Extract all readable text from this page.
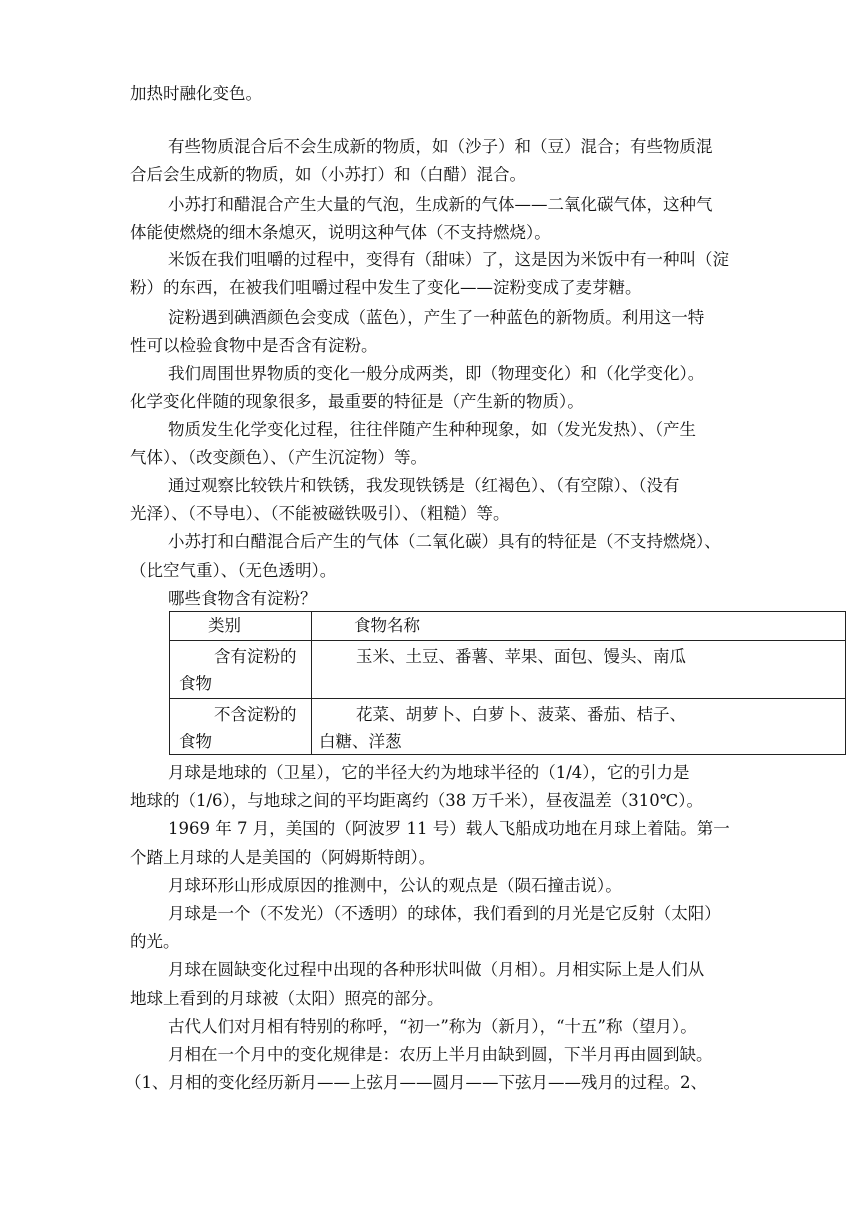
加热时融化变色。
有些物质混合后不会生成新的物质，如（沙子）和（豆）混合；有些物质混
合后会生成新的物质，如（小苏打）和（白醋）混合。
小苏打和醋混合产生大量的气泡，生成新的气体——二氧化碳气体，这种气
体能使燃烧的细木条熄灭，说明这种气体（不支持燃烧）。
米饭在我们咀嚼的过程中，变得有（甜味）了，这是因为米饭中有一种叫（淀
粉）的东西，在被我们咀嚼过程中发生了变化——淀粉变成了麦芽糖。
淀粉遇到碘酒颜色会变成（蓝色），产生了一种蓝色的新物质。利用这一特
性可以检验食物中是否含有淀粉。
我们周围世界物质的变化一般分成两类，即（物理变化）和（化学变化）。
化学变化伴随的现象很多，最重要的特征是（产生新的物质）。
物质发生化学变化过程，往往伴随产生种种现象，如（发光发热）、（产生
气体）、（改变颜色）、（产生沉淀物）等。
通过观察比较铁片和铁锈，我发现铁锈是（红褐色）、（有空隙）、（没有
光泽）、（不导电）、（不能被磁铁吸引）、（粗糙）等。
小苏打和白醋混合后产生的气体（二氧化碳）具有的特征是（不支持燃烧）、
（比空气重）、（无色透明）。
哪些食物含有淀粉？
月球是地球的（卫星），它的半径大约为地球半径的（1/4），它的引力是
地球的（1/6），与地球之间的平均距离约（38 万千米），昼夜温差（310℃）。
1969 年 7 月，美国的（阿波罗 11 号）载人飞船成功地在月球上着陆。第一
个踏上月球的人是美国的（阿姆斯特朗）。
月球环形山形成原因的推测中，公认的观点是（陨石撞击说）。
月球是一个（不发光）（不透明）的球体，我们看到的月光是它反射（太阳）
的光。
月球在圆缺变化过程中出现的各种形状叫做（月相）。月相实际上是人们从
地球上看到的月球被（太阳）照亮的部分。
古代人们对月相有特别的称呼，“初一”称为（新月），“十五”称（望月）。
月相在一个月中的变化规律是：农历上半月由缺到圆，下半月再由圆到缺。
（1、月相的变化经历新月——上弦月——圆月——下弦月——残月的过程。2、
类别	食物名称
含有淀粉的
食物
玉米、土豆、番薯、苹果、面包、馒头、南瓜
不含淀粉的
食物
花菜、胡萝卜、白萝卜、菠菜、番茄、桔子、
白糖、洋葱
